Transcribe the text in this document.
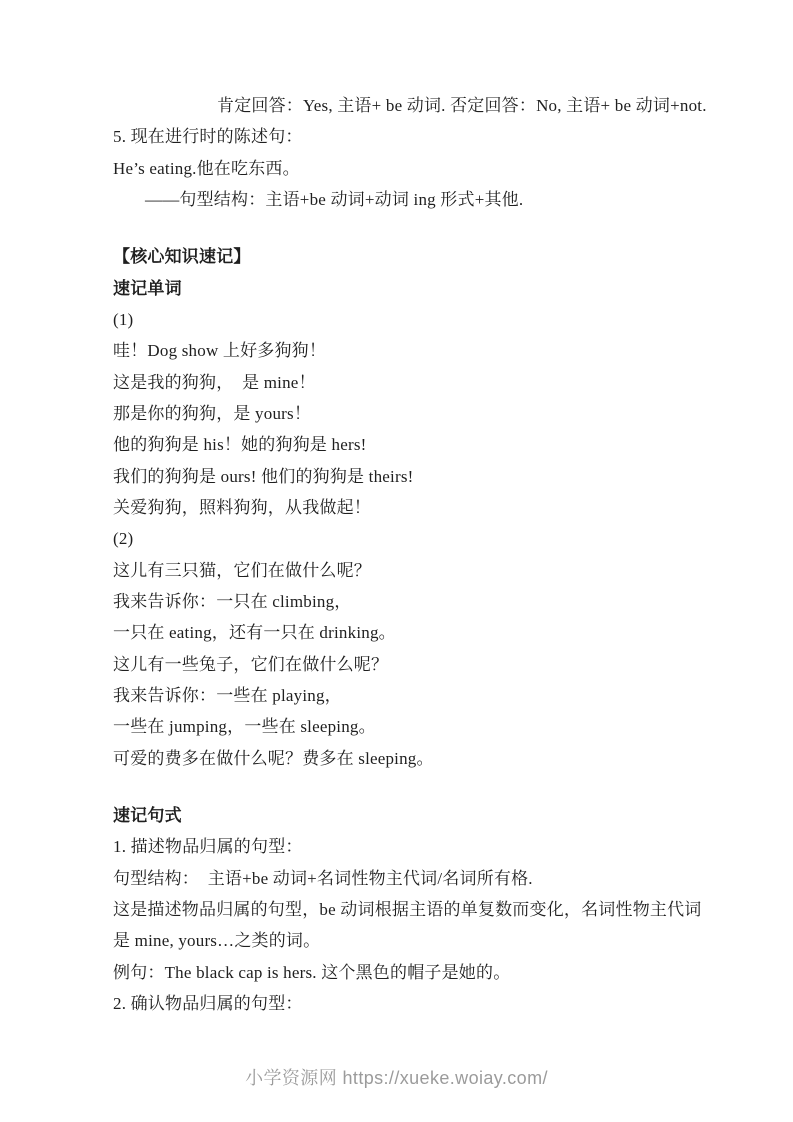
肯定回答：Yes, 主语+ be 动词. 否定回答：No, 主语+ be 动词+not.
5. 现在进行时的陈述句：
He’s eating.他在吃东西。
——句型结构：主语+be 动词+动词 ing 形式+其他.
【核心知识速记】
速记单词
(1)
哇！Dog show 上好多狗狗！
这是我的狗狗，　是 mine！
那是你的狗狗，是 yours！
他的狗狗是 his！她的狗狗是 hers!
我们的狗狗是 ours! 他们的狗狗是 theirs!
关爱狗狗，照料狗狗，从我做起！
(2)
这儿有三只猫，它们在做什么呢？
我来告诉你：一只在 climbing，
一只在 eating，还有一只在 drinking。
这儿有一些兔子，它们在做什么呢？
我来告诉你：一些在 playing，
一些在 jumping，一些在 sleeping。
可爱的费多在做什么呢？费多在 sleeping。
速记句式
1. 描述物品归属的句型：
句型结构：　主语+be 动词+名词性物主代词/名词所有格.
这是描述物品归属的句型，be 动词根据主语的单复数而变化，名词性物主代词
是 mine, yours…之类的词。
例句：The black cap is hers. 这个黑色的帽子是她的。
2. 确认物品归属的句型：
小学资源网 https://xueke.woiay.com/
